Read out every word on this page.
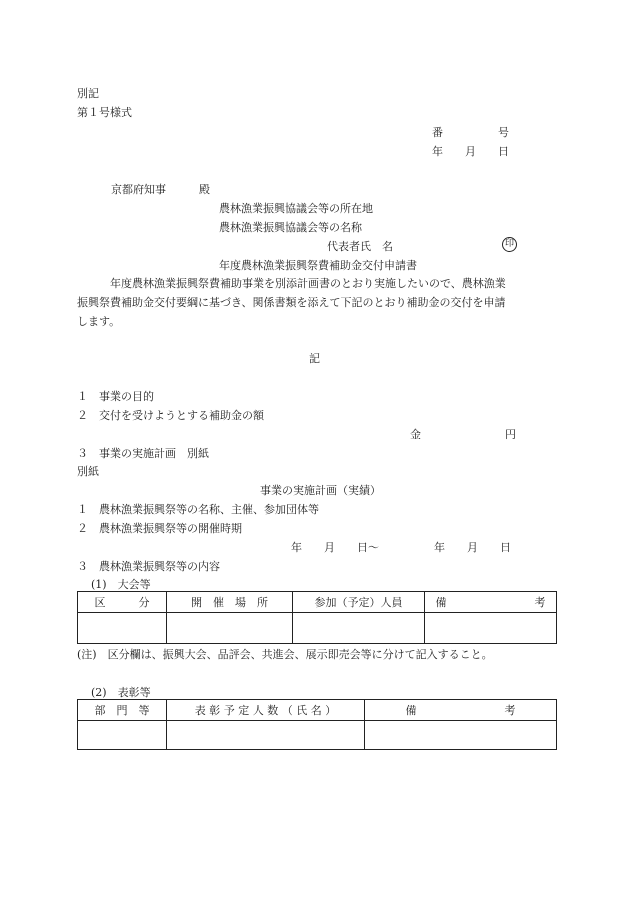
別記
第１号様式
番　　　　　号
年　　月　　日
京都府知事　　　殿
農林漁業振興協議会等の所在地
農林漁業振興協議会等の名称
代表者氏　名	印
年度農林漁業振興祭費補助金交付申請書
　　　年度農林漁業振興祭費補助事業を別添計画書のとおり実施したいので、農林漁業
振興祭費補助金交付要綱に基づき、関係書類を添えて下記のとおり補助金の交付を申請
します。
記
１　事業の目的
２　交付を受けようとする補助金の額
金	円
３　事業の実施計画　別紙
別紙
事業の実施計画（実績）
１　農林漁業振興祭等の名称、主催、参加団体等
２　農林漁業振興祭等の開催時期
年　　月　　日～　　　　　年　　月　　日
３　農林漁業振興祭等の内容
(1)　大会等
区　　　分	開　催　場　所	参加（予定）人員	備　　　　　　　　考

(注)　区分欄は、振興大会、品評会、共進会、展示即売会等に分けて記入すること。
(2)　表彰等
部　門　等	表 彰 予 定 人 数 （ 氏 名 ）	備　　　　　　　　考
